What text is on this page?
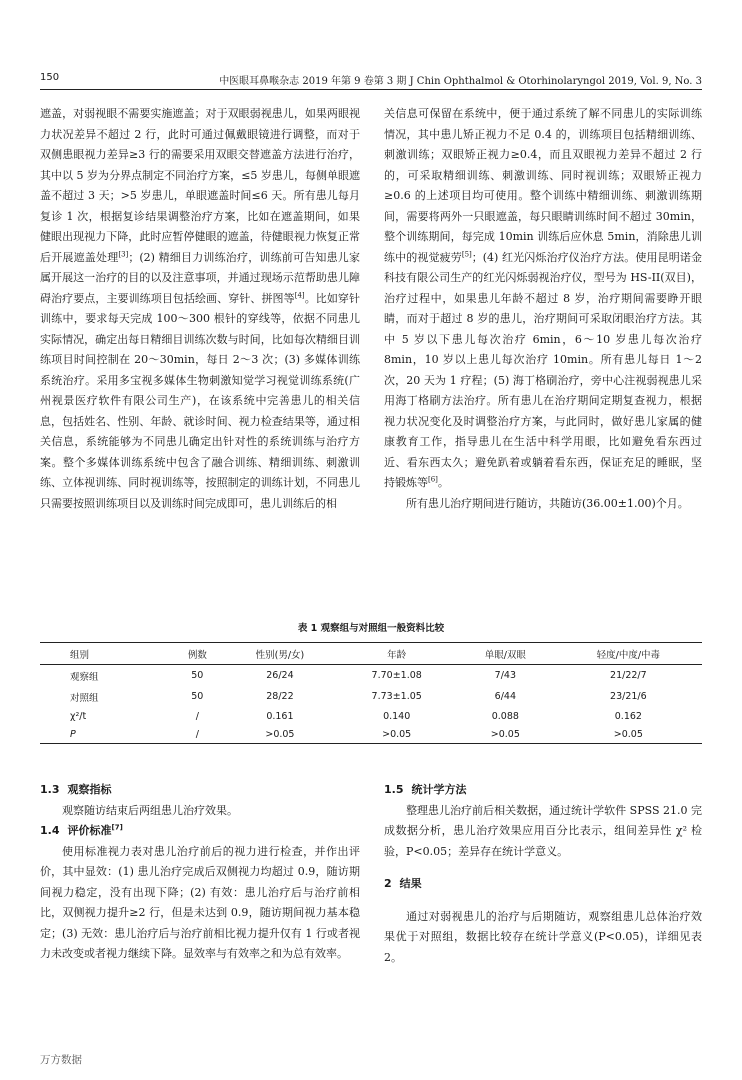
150	中医眼耳鼻喉杂志 2019 年第 9 卷第 3 期 J Chin Ophthalmol & Otorhinolaryngol 2019, Vol. 9, No. 3

遮盖，对弱视眼不需要实施遮盖；对于双眼弱视患儿，如果两眼视力状况差异不超过 2 行，此时可通过佩戴眼镜进行调整，而对于双侧患眼视力差异≥3 行的需要采用双眼交替遮盖方法进行治疗，其中以 5 岁为分界点制定不同治疗方案，≤5 岁患儿，每侧单眼遮盖不超过 3 天；>5 岁患儿，单眼遮盖时间≤6 天。所有患儿每月复诊 1 次，根据复诊结果调整治疗方案，比如在遮盖期间，如果健眼出现视力下降，此时应暂停健眼的遮盖，待健眼视力恢复正常后开展遮盖处理[3]；(2) 精细目力训练治疗，训练前可告知患儿家属开展这一治疗的目的以及注意事项，并通过现场示范帮助患儿障碍治疗要点，主要训练项目包括绘画、穿针、拼图等[4]。比如穿针训练中，要求每天完成 100～300 根针的穿线等，依据不同患儿实际情况，确定出每日精细目训练次数与时间，比如每次精细目训练项目时间控制在 20～30min，每日 2～3 次；(3) 多媒体训练系统治疗。采用多宝视多媒体生物刺激知觉学习视觉训练系统(广州视景医疗软件有限公司生产)，在该系统中完善患儿的相关信息，包括姓名、性别、年龄、就诊时间、视力检查结果等，通过相关信息，系统能够为不同患儿确定出针对性的系统训练与治疗方案。整个多媒体训练系统中包含了融合训练、精细训练、刺激训练、立体视训练、同时视训练等，按照制定的训练计划，不同患儿只需要按照训练项目以及训练时间完成即可，患儿训练后的相

关信息可保留在系统中，便于通过系统了解不同患儿的实际训练情况，其中患儿矫正视力不足 0.4 的，训练项目包括精细训练、刺激训练；双眼矫正视力≥0.4，而且双眼视力差异不超过 2 行的，可采取精细训练、刺激训练、同时视训练；双眼矫正视力≥0.6 的上述项目均可使用。整个训练中精细训练、刺激训练期间，需要将两外一只眼遮盖，每只眼睛训练时间不超过 30min，整个训练期间，每完成 10min 训练后应休息 5min，消除患儿训练中的视觉疲劳[5]；(4) 红光闪烁治疗仪治疗方法。使用昆明诺金科技有限公司生产的红光闪烁弱视治疗仪，型号为 HS-II(双目)，治疗过程中，如果患儿年龄不超过 8 岁，治疗期间需要睁开眼睛，而对于超过 8 岁的患儿，治疗期间可采取闭眼治疗方法。其中 5 岁以下患儿每次治疗 6min，6～10 岁患儿每次治疗 8min，10 岁以上患儿每次治疗 10min。所有患儿每日 1～2 次，20 天为 1 疗程；(5) 海丁格刷治疗，旁中心注视弱视患儿采用海丁格刷方法治疗。所有患儿在治疗期间定期复查视力，根据视力状况变化及时调整治疗方案，与此同时，做好患儿家属的健康教育工作，指导患儿在生活中科学用眼，比如避免看东西过近、看东西太久；避免趴着或躺着看东西，保证充足的睡眠，坚持锻炼等[6]。

所有患儿治疗期间进行随访，共随访(36.00±1.00)个月。

表 1 观察组与对照组一般资料比较
组别	例数	性别(男/女)	年龄	单眼/双眼	轻度/中度/中毒
观察组	50	26/24	7.70±1.08	7/43	21/22/7
对照组	50	28/22	7.73±1.05	6/44	23/21/6
χ²/t	/	0.161	0.140	0.088	0.162
P	/	>0.05	>0.05	>0.05	>0.05
1.3 观察指标

观察随访结束后两组患儿治疗效果。

1.4 评价标准[7]

使用标准视力表对患儿治疗前后的视力进行检查，并作出评价，其中显效：(1) 患儿治疗完成后双侧视力均超过 0.9，随访期间视力稳定，没有出现下降；(2) 有效：患儿治疗后与治疗前相比，双侧视力提升≥2 行，但是未达到 0.9，随访期间视力基本稳定；(3) 无效：患儿治疗后与治疗前相比视力提升仅有 1 行或者视力未改变或者视力继续下降。显效率与有效率之和为总有效率。

1.5 统计学方法

整理患儿治疗前后相关数据，通过统计学软件 SPSS 21.0 完成数据分析，患儿治疗效果应用百分比表示，组间差异性 χ² 检验，P<0.05；差异存在统计学意义。

2 结果

通过对弱视患儿的治疗与后期随访，观察组患儿总体治疗效果优于对照组，数据比较存在统计学意义(P<0.05)，详细见表 2。

万方数据
